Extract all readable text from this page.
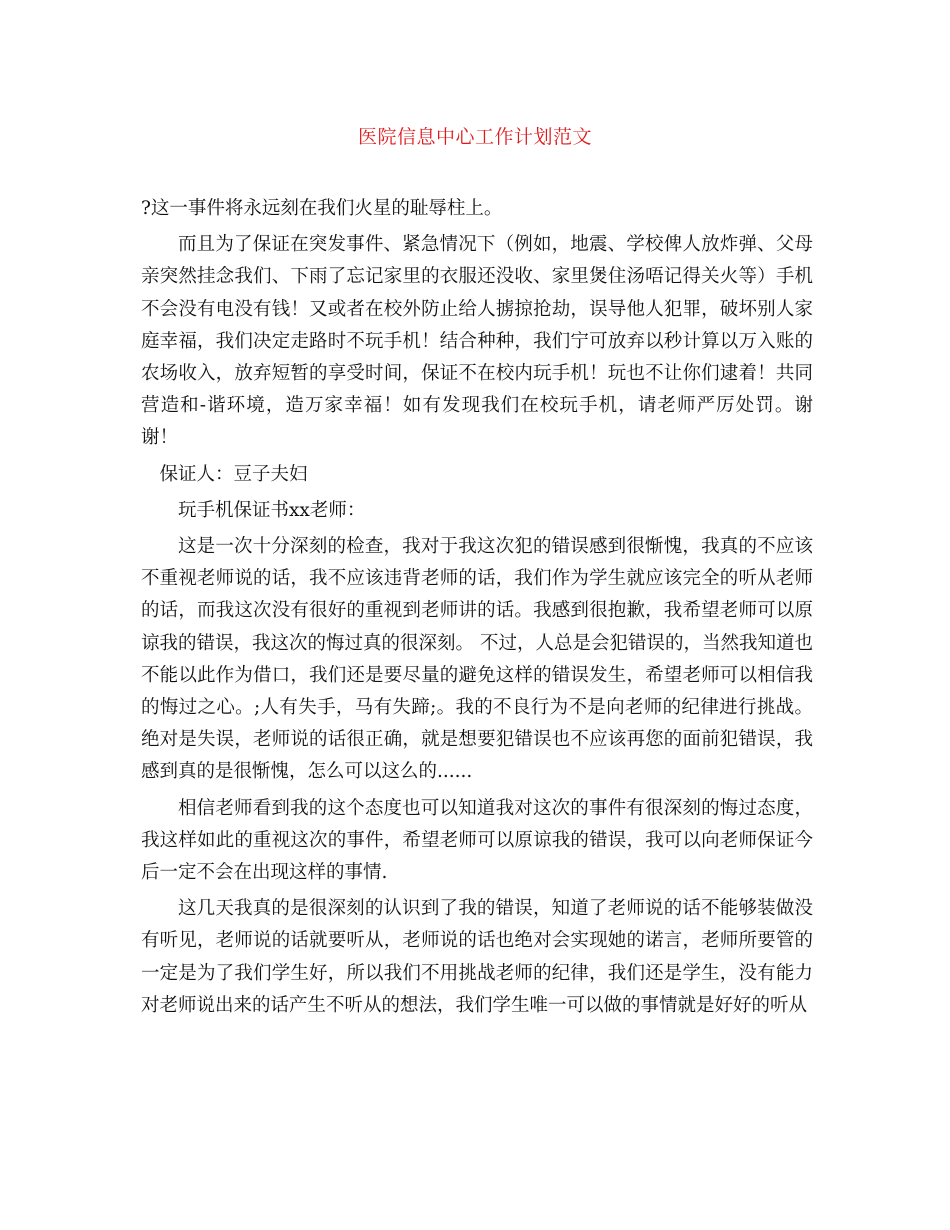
医院信息中心工作计划范文

?这一事件将永远刻在我们火星的耻辱柱上。

而且为了保证在突发事件、紧急情况下（例如，地震、学校俾人放炸弹、父母亲突然挂念我们、下雨了忘记家里的衣服还没收、家里煲住汤唔记得关火等）手机不会没有电没有钱！又或者在校外防止给人掳掠抢劫，误导他人犯罪，破坏别人家庭幸福，我们决定走路时不玩手机！结合种种，我们宁可放弃以秒计算以万入账的农场收入，放弃短暂的享受时间，保证不在校内玩手机！玩也不让你们逮着！共同营造和-谐环境，造万家幸福！如有发现我们在校玩手机，请老师严厉处罚。谢谢！

保证人：豆子夫妇

玩手机保证书xx老师：

这是一次十分深刻的检查，我对于我这次犯的错误感到很惭愧，我真的不应该不重视老师说的话，我不应该违背老师的话，我们作为学生就应该完全的听从老师的话，而我这次没有很好的重视到老师讲的话。我感到很抱歉，我希望老师可以原谅我的错误，我这次的悔过真的很深刻。 不过，人总是会犯错误的，当然我知道也不能以此作为借口，我们还是要尽量的避免这样的错误发生，希望老师可以相信我的悔过之心。;人有失手，马有失蹄;。我的不良行为不是向老师的纪律进行挑战。绝对是失误，老师说的话很正确，就是想要犯错误也不应该再您的面前犯错误，我感到真的是很惭愧，怎么可以这么的......

相信老师看到我的这个态度也可以知道我对这次的事件有很深刻的悔过态度，我这样如此的重视这次的事件，希望老师可以原谅我的错误，我可以向老师保证今后一定不会在出现这样的事情.

这几天我真的是很深刻的认识到了我的错误，知道了老师说的话不能够装做没有听见，老师说的话就要听从，老师说的话也绝对会实现她的诺言，老师所要管的一定是为了我们学生好，所以我们不用挑战老师的纪律，我们还是学生，没有能力对老师说出来的话产生不听从的想法，我们学生唯一可以做的事情就是好好的听从
